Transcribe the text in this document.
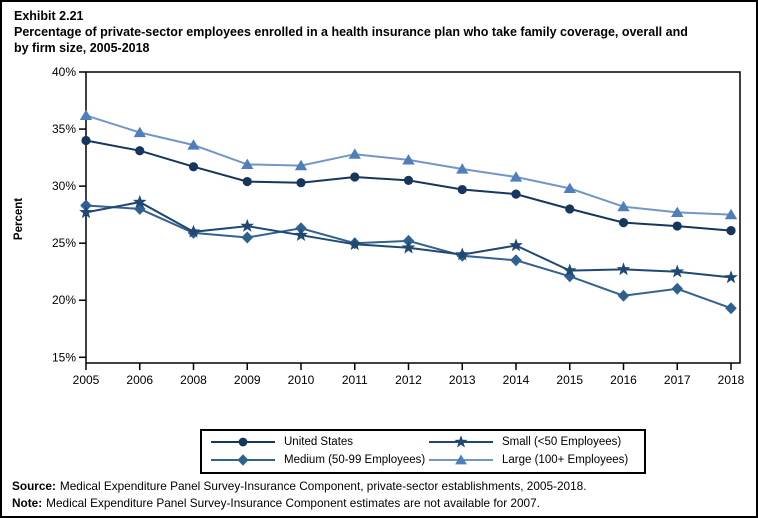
Exhibit 2.21
Percentage of private-sector employees enrolled in a health insurance plan who take family coverage, overall and
by firm size, 2005-2018
Percent
40%
35%
30%
25%
20%
15%
2005 2006 2008 2009 2010 2011 2012 2013 2014 2015 2016 2017 2018
United States	Small (<50 Employees)
Medium (50-99 Employees)	Large (100+ Employees)
Source: Medical Expenditure Panel Survey-Insurance Component, private-sector establishments, 2005-2018.
Note: Medical Expenditure Panel Survey-Insurance Component estimates are not available for 2007.
